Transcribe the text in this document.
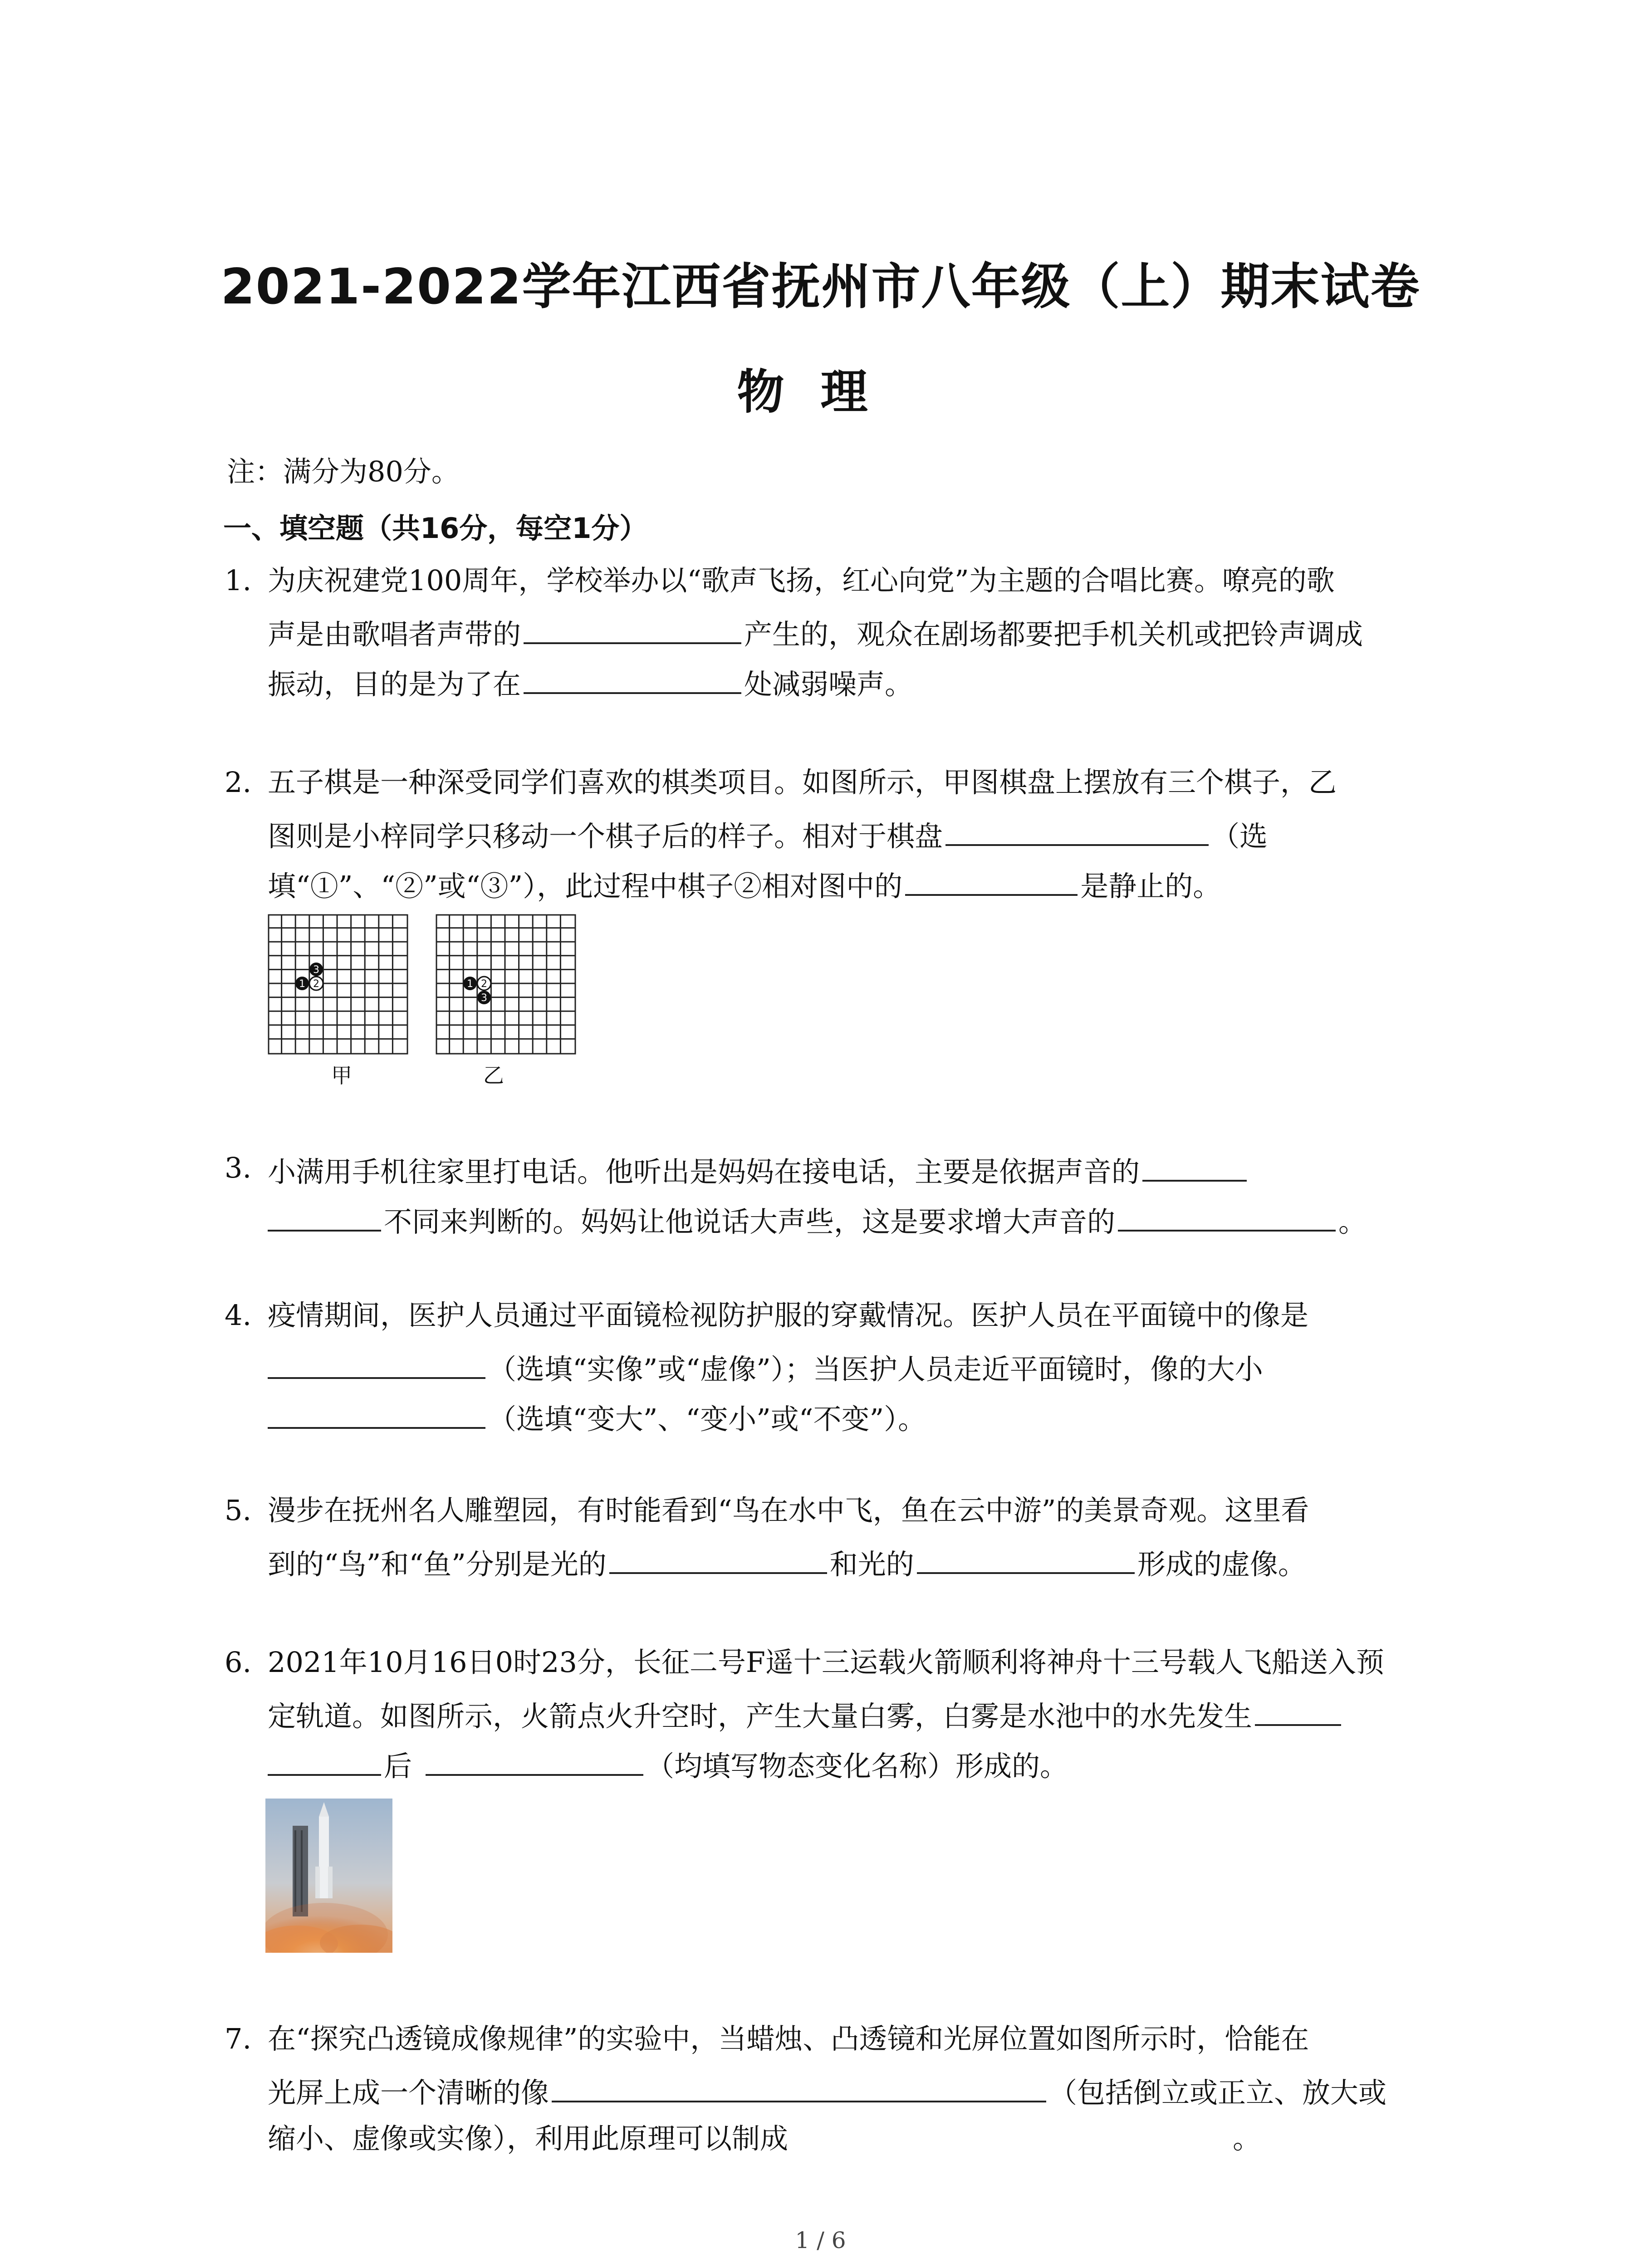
2021-2022学年江西省抚州市八年级（上）期末试卷
物理
注：满分为80分。
一、填空题（共16分，每空1分）
1. 为庆祝建党100周年，学校举办以“歌声飞扬，红心向党”为主题的合唱比赛。嘹亮的歌
声是由歌唱者声带的	产生的，观众在剧场都要把手机关机或把铃声调成
振动，目的是为了在	处减弱噪声。
2. 五子棋是一种深受同学们喜欢的棋类项目。如图所示，甲图棋盘上摆放有三个棋子，乙
图则是小梓同学只移动一个棋子后的样子。相对于棋盘	（选
填“①”、“②”或“③”），此过程中棋子②相对图中的	是静止的。
1 2
3
甲
1 2
3
乙
3. 小满用手机往家里打电话。他听出是妈妈在接电话，主要是依据声音的
不同来判断的。妈妈让他说话大声些，这是要求增大声音的	。
4. 疫情期间，医护人员通过平面镜检视防护服的穿戴情况。医护人员在平面镜中的像是
（选填“实像”或“虚像”）；当医护人员走近平面镜时，像的大小
（选填“变大”、“变小”或“不变”）。
5. 漫步在抚州名人雕塑园，有时能看到“鸟在水中飞，鱼在云中游”的美景奇观。这里看
到的“鸟”和“鱼”分别是光的	和光的	形成的虚像。
6. 2021年10月16日0时23分，长征二号F遥十三运载火箭顺利将神舟十三号载人飞船送入预
定轨道。如图所示，火箭点火升空时，产生大量白雾，白雾是水池中的水先发生
后	（均填写物态变化名称）形成的。
7. 在“探究凸透镜成像规律”的实验中，当蜡烛、凸透镜和光屏位置如图所示时，恰能在
光屏上成一个清晰的像	（包括倒立或正立、放大或
缩小、虚像或实像），利用此原理可以制成	。
1 / 6
